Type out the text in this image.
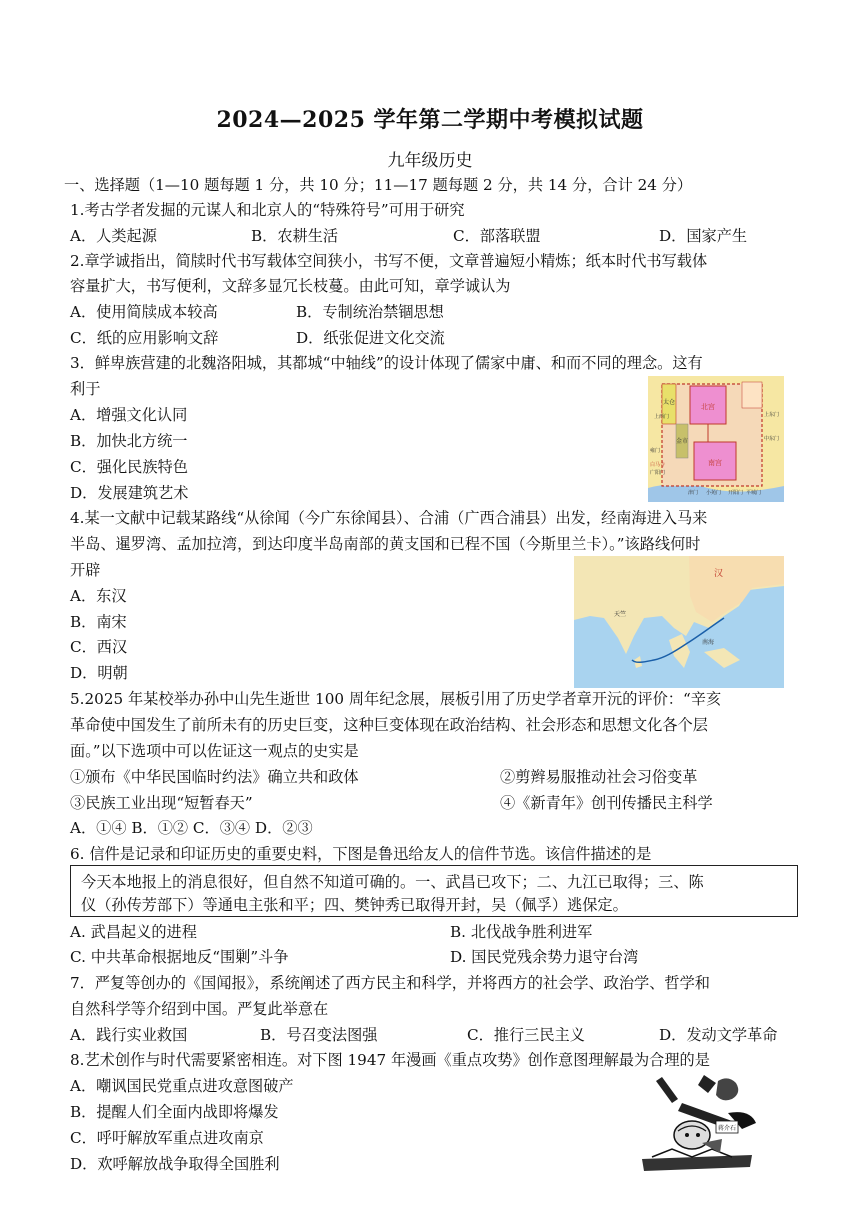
2024—2025 学年第二学期中考模拟试题
九年级历史
一、选择题（1—10 题每题 1 分，共 10 分；11—17 题每题 2 分，共 14 分，合计 24 分）
1.考古学者发掘的元谋人和北京人的“特殊符号”可用于研究
A．人类起源	B．农耕生活	C．部落联盟	D．国家产生
2.章学诚指出，简牍时代书写载体空间狭小，书写不便，文章普遍短小精炼；纸本时代书写载体
容量扩大，书写便利，文辞多显冗长枝蔓。由此可知，章学诚认为
A．使用简牍成本较高	B．专制统治禁锢思想
C．纸的应用影响文辞	D．纸张促进文化交流
3．鲜卑族营建的北魏洛阳城，其都城“中轴线”的设计体现了儒家中庸、和而不同的理念。这有
利于
A．增强文化认同
B．加快北方统一
C．强化民族特色
D．发展建筑艺术
太仓
金市
北宫
南宫
上西门	上东门
中东门
广阳门
白马寺
津门 小苑门 开阳门 平城门
雍门
4.某一文献中记载某路线“从徐闻（今广东徐闻县）、合浦（广西合浦县）出发，经南海进入马来
半岛、暹罗湾、孟加拉湾，到达印度半岛南部的黄支国和已程不国（今斯里兰卡）。”该路线何时
开辟
A．东汉
B．南宋
C．西汉
D．明朝
汉
天竺
南海
5.2025 年某校举办孙中山先生逝世 100 周年纪念展，展板引用了历史学者章开沅的评价：“辛亥
革命使中国发生了前所未有的历史巨变，这种巨变体现在政治结构、社会形态和思想文化各个层
面。”以下选项中可以佐证这一观点的史实是
①颁布《中华民国临时约法》确立共和政体	②剪辫易服推动社会习俗变革
③民族工业出现“短暂春天”	④《新青年》创刊传播民主科学
A．①④ B．①② C．③④ D．②③
6. 信件是记录和印证历史的重要史料，下图是鲁迅给友人的信件节选。该信件描述的是
今天本地报上的消息很好，但自然不知道可确的。一、武昌已攻下；二、九江已取得；三、陈
仪（孙传芳部下）等通电主张和平；四、樊钟秀已取得开封，吴（佩孚）逃保定。
A. 武昌起义的进程	B. 北伐战争胜利进军
C. 中共革命根据地反“围剿”斗争	D. 国民党残余势力退守台湾
7．严复等创办的《国闻报》，系统阐述了西方民主和科学，并将西方的社会学、政治学、哲学和
自然科学等介绍到中国。严复此举意在
A．践行实业救国	B．号召变法图强	C．推行三民主义	D．发动文学革命
8.艺术创作与时代需要紧密相连。对下图 1947 年漫画《重点攻势》创作意图理解最为合理的是
A．嘲讽国民党重点进攻意图破产
B．提醒人们全面内战即将爆发
C．呼吁解放军重点进攻南京
D．欢呼解放战争取得全国胜利
蒋介石
